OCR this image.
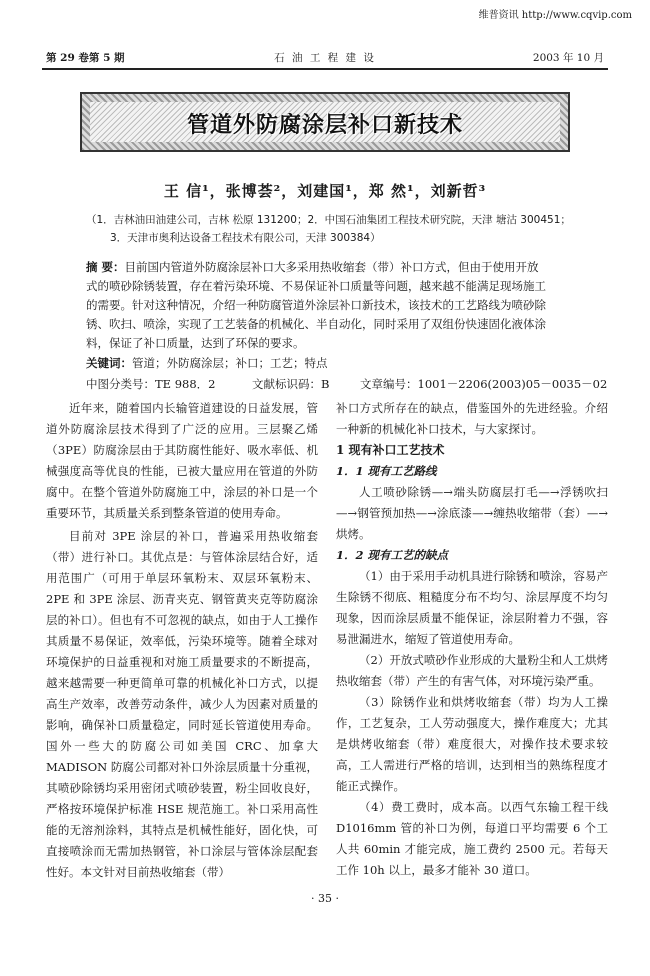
维普资讯 http://www.cqvip.com
第 29 卷第 5 期	石 油 工 程 建 设	2003 年 10 月
管道外防腐涂层补口新技术
王 信¹，张博荟²，刘建国¹，郑 然¹，刘新哲³
（1．吉林油田油建公司，吉林 松原 131200；2．中国石油集团工程技术研究院，天津 塘沽 300451；
3．天津市奥利达设备工程技术有限公司，天津 300384）
摘 要：目前国内管道外防腐涂层补口大多采用热收缩套（带）补口方式，但由于使用开放
式的喷砂除锈装置，存在着污染环境、不易保证补口质量等问题，越来越不能满足现场施工
的需要。针对这种情况，介绍一种防腐管道外涂层补口新技术，该技术的工艺路线为喷砂除
锈、吹扫、喷涂，实现了工艺装备的机械化、半自动化，同时采用了双组份快速固化液体涂
料，保证了补口质量，达到了环保的要求。
关键词：管道；外防腐涂层；补口；工艺；特点
中图分类号：TE 988．2	文献标识码：B	文章编号：1001－2206(2003)05－0035－02

近年来，随着国内长输管道建设的日益发展，管道外防腐涂层技术得到了广泛的应用。三层聚乙烯（3PE）防腐涂层由于其防腐性能好、吸水率低、机械强度高等优良的性能，已被大量应用在管道的外防腐中。在整个管道外防腐施工中，涂层的补口是一个重要环节，其质量关系到整条管道的使用寿命。

目前对 3PE 涂层的补口，普遍采用热收缩套（带）进行补口。其优点是：与管体涂层结合好，适用范围广（可用于单层环氧粉末、双层环氧粉末、2PE 和 3PE 涂层、沥青夹克、钢管黄夹克等防腐涂层的补口）。但也有不可忽视的缺点，如由于人工操作其质量不易保证，效率低，污染环境等。随着全球对环境保护的日益重视和对施工质量要求的不断提高，越来越需要一种更简单可靠的机械化补口方式，以提高生产效率，改善劳动条件，减少人为因素对质量的影响，确保补口质量稳定，同时延长管道使用寿命。国外一些大的防腐公司如美国 CRC、加拿大 MADISON 防腐公司都对补口外涂层质量十分重视，其喷砂除锈均采用密闭式喷砂装置，粉尘回收良好，严格按环境保护标准 HSE 规范施工。补口采用高性能的无溶剂涂料，其特点是机械性能好，固化快，可直接喷涂而无需加热钢管，补口涂层与管体涂层配套性好。本文针对目前热收缩套（带）

补口方式所存在的缺点，借鉴国外的先进经验。介绍一种新的机械化补口技术，与大家探讨。

1 现有补口工艺技术
1．1 现有工艺路线

人工喷砂除锈—→端头防腐层打毛—→浮锈吹扫—→钢管预加热—→涂底漆—→缠热收缩带（套）—→烘烤。

1．2 现有工艺的缺点

（1）由于采用手动机具进行除锈和喷涂，容易产生除锈不彻底、粗糙度分布不均匀、涂层厚度不均匀现象，因而涂层质量不能保证，涂层附着力不强，容易泄漏进水，缩短了管道使用寿命。

（2）开放式喷砂作业形成的大量粉尘和人工烘烤热收缩套（带）产生的有害气体，对环境污染严重。

（3）除锈作业和烘烤收缩套（带）均为人工操作，工艺复杂，工人劳动强度大，操作难度大；尤其是烘烤收缩套（带）难度很大，对操作技术要求较高，工人需进行严格的培训，达到相当的熟练程度才能正式操作。

（4）费工费时，成本高。以西气东输工程干线 D1016mm 管的补口为例，每道口平均需要 6 个工人共 60min 才能完成，施工费约 2500 元。若每天工作 10h 以上，最多才能补 30 道口。

· 35 ·
